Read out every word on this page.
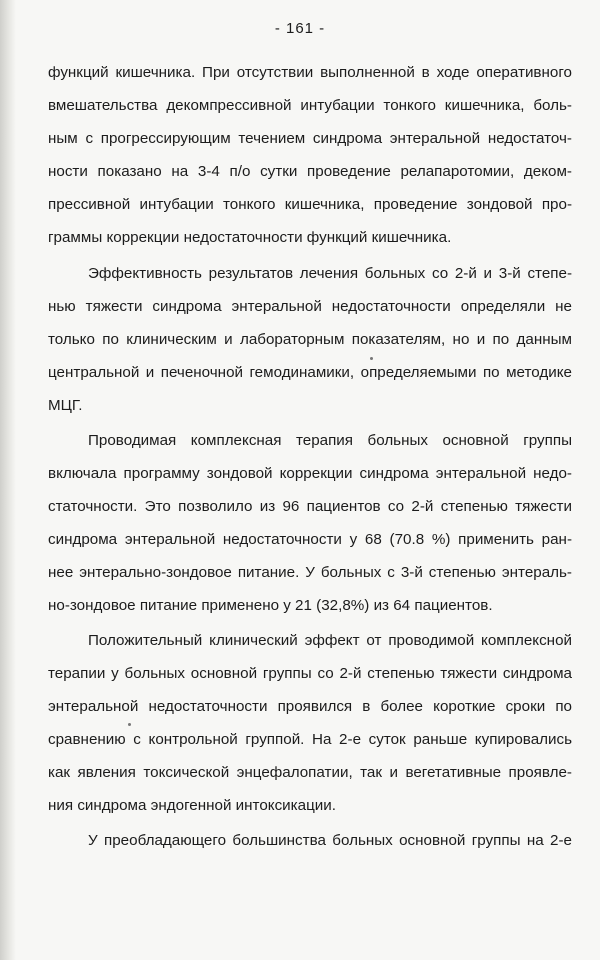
- 161 -
функций кишечника. При отсутствии выполненной в ходе оперативного
вмешательства декомпрессивной интубации тонкого кишечника, боль-
ным с прогрессирующим течением синдрома энтеральной недостаточ-
ности показано на 3-4 п/о сутки проведение релапаротомии, деком-
прессивной интубации тонкого кишечника, проведение зондовой про-
граммы коррекции недостаточности функций кишечника.
Эффективность результатов лечения больных со 2-й и 3-й степе-
нью тяжести синдрома энтеральной недостаточности определяли не
только по клиническим и лабораторным показателям, но и по данным
центральной и печеночной гемодинамики, определяемыми по методике
МЦГ.
Проводимая комплексная терапия больных основной группы
включала программу зондовой коррекции синдрома энтеральной недо-
статочности. Это позволило из 96 пациентов со 2-й степенью тяжести
синдрома энтеральной недостаточности у 68 (70.8 %) применить ран-
нее энтерально-зондовое питание. У больных с 3-й степенью энтераль-
но-зондовое питание применено у 21 (32,8%) из 64 пациентов.
Положительный клинический эффект от проводимой комплексной
терапии у больных основной группы со 2-й степенью тяжести синдрома
энтеральной недостаточности проявился в более короткие сроки по
сравнению с контрольной группой. На 2-е суток раньше купировались
как явления токсической энцефалопатии, так и вегетативные проявле-
ния синдрома эндогенной интоксикации.
У преобладающего большинства больных основной группы на 2-е
